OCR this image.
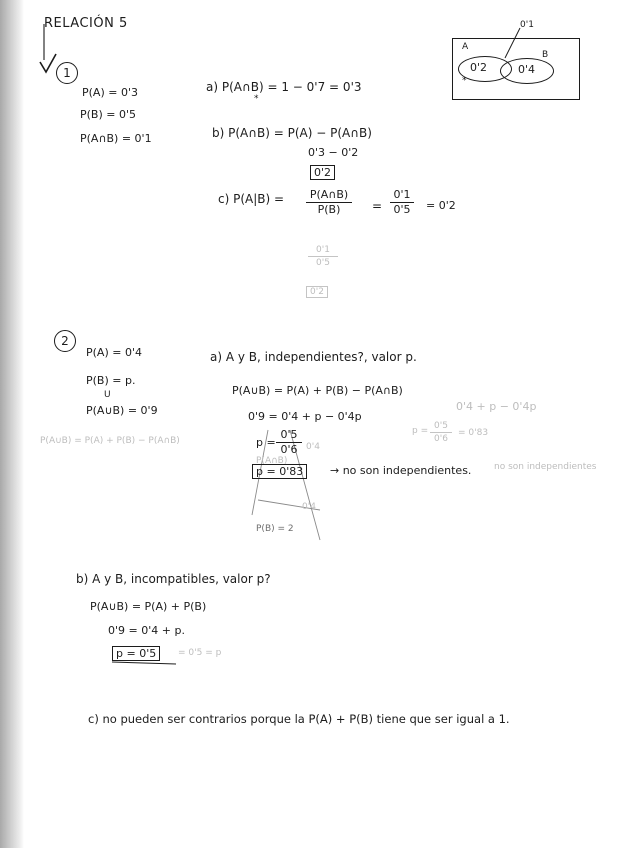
RELACIÓN 5
A
B
0'1
*
0'2	0'4
1
P(A) = 0'3
P(B) = 0'5
P(A∩B) = 0'1
a) P(A∩B) = 1 − 0'7 = 0'3
*
b) P(A∩B) = P(A) − P(A∩B)
0'3 − 0'2
0'2
c) $P(A|B) = \frac{P(A\cap B)}{P(B)} = \frac{0'1}{0'5} = 0'2$
$\frac{0'1}{0'5}$
0'2
2
P(A) = 0'4
P(B) = p.
U
P(A∪B) = 0'9
P(A∪B) = P(A) + P(B) − P(A∩B)
a) A y B, independientes?, valor p.
P(A∪B) = P(A) + P(B) − P(A∩B)
0'4 + p − 0'4p
0'9 = 0'4 + p − 0'4p
$p = \frac{0'5}{0'6} 0'4$
P(A∩B)
p = 0'83	→ no son independientes.	no son independientes
$p = \frac{0'5}{0'6} = 0'83$
0'4
P(B) = 2
b) A y B, incompatibles, valor p?
P(A∪B) = P(A) + P(B)
0'9 = 0'4 + p.
p = 0'5	= 0'5 = p
c) no pueden ser contrarios porque la P(A) + P(B) tiene que ser igual a 1.
